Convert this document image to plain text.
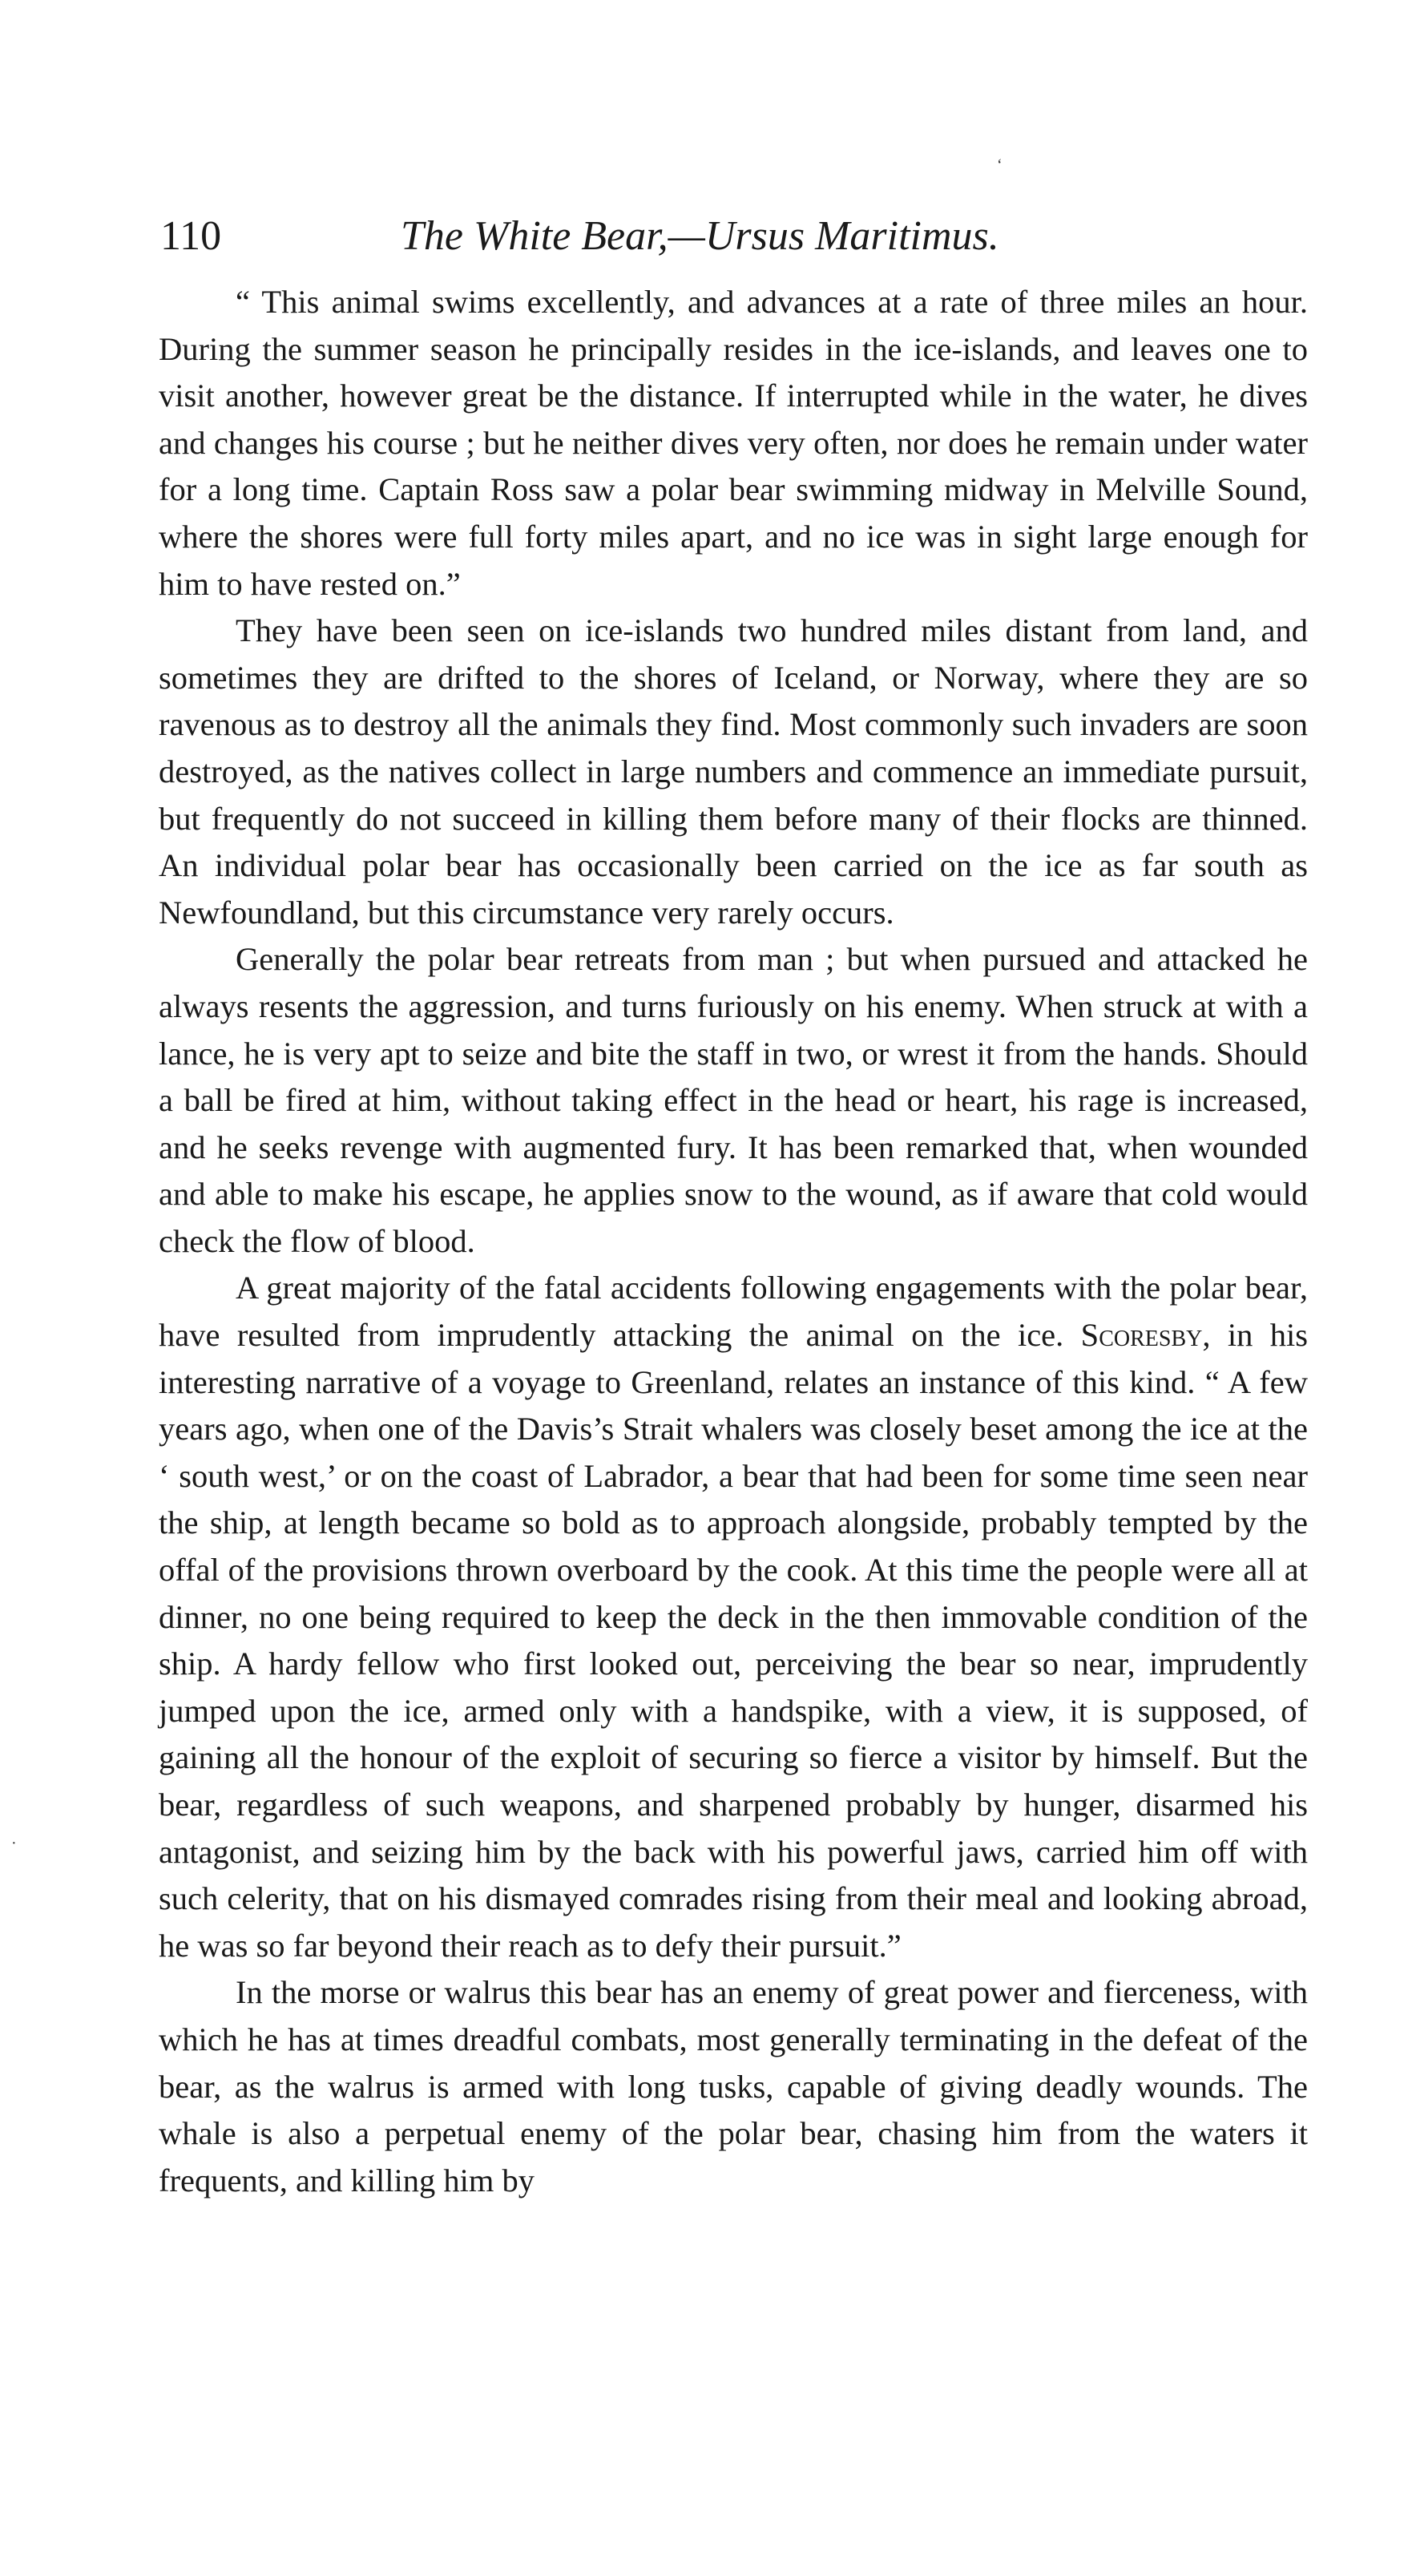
‘
·
110	The White Bear,—Ursus Maritimus.

“ This animal swims excellently, and advances at a rate of three miles an hour. During the summer season he principally resides in the ice-islands, and leaves one to visit another, however great be the distance. If interrupted while in the water, he dives and changes his course ; but he neither dives very often, nor does he remain under water for a long time. Captain Ross saw a polar bear swimming midway in Melville Sound, where the shores were full forty miles apart, and no ice was in sight large enough for him to have rested on.”

They have been seen on ice-islands two hundred miles distant from land, and sometimes they are drifted to the shores of Iceland, or Norway, where they are so ravenous as to destroy all the animals they find. Most commonly such invaders are soon destroyed, as the natives collect in large numbers and commence an immediate pursuit, but frequently do not succeed in killing them before many of their flocks are thinned. An individual polar bear has occasionally been carried on the ice as far south as Newfoundland, but this circumstance very rarely occurs.

Generally the polar bear retreats from man ; but when pursued and attacked he always resents the aggression, and turns furiously on his enemy. When struck at with a lance, he is very apt to seize and bite the staff in two, or wrest it from the hands. Should a ball be fired at him, without taking effect in the head or heart, his rage is increased, and he seeks revenge with augmented fury. It has been remarked that, when wounded and able to make his escape, he applies snow to the wound, as if aware that cold would check the flow of blood.

A great majority of the fatal accidents following engagements with the polar bear, have resulted from imprudently attacking the animal on the ice. Scoresby, in his interesting narrative of a voyage to Greenland, relates an instance of this kind. “ A few years ago, when one of the Davis’s Strait whalers was closely beset among the ice at the ‘ south west,’ or on the coast of Labrador, a bear that had been for some time seen near the ship, at length became so bold as to approach alongside, probably tempted by the offal of the provisions thrown overboard by the cook. At this time the people were all at dinner, no one being required to keep the deck in the then immovable condition of the ship. A hardy fellow who first looked out, perceiving the bear so near, imprudently jumped upon the ice, armed only with a handspike, with a view, it is supposed, of gaining all the honour of the exploit of securing so fierce a visitor by himself. But the bear, regardless of such weapons, and sharpened probably by hunger, disarmed his antagonist, and seizing him by the back with his powerful jaws, carried him off with such celerity, that on his dismayed comrades rising from their meal and looking abroad, he was so far beyond their reach as to defy their pursuit.”

In the morse or walrus this bear has an enemy of great power and fierceness, with which he has at times dreadful combats, most generally terminating in the defeat of the bear, as the walrus is armed with long tusks, capable of giving deadly wounds. The whale is also a perpetual enemy of the polar bear, chasing him from the waters it frequents, and killing him by
